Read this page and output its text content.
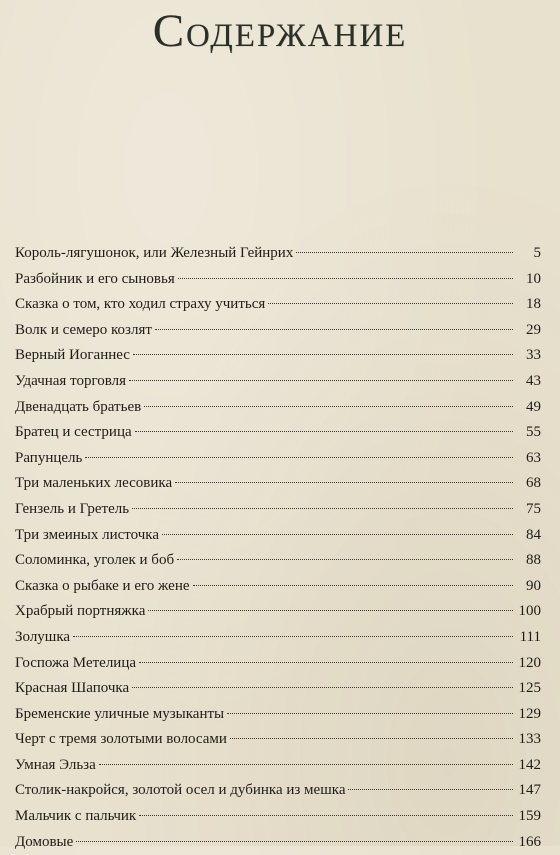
Содержание
Король-лягушонок, или Железный Гейнрих	5
Разбойник и его сыновья	10
Сказка о том, кто ходил страху учиться	18
Волк и семеро козлят	29
Верный Иоганнес	33
Удачная торговля	43
Двенадцать братьев	49
Братец и сестрица	55
Рапунцель	63
Три маленьких лесовика	68
Гензель и Гретель	75
Три змеиных листочка	84
Соломинка, уголек и боб	88
Сказка о рыбаке и его жене	90
Храбрый портняжка	100
Золушка	111
Госпожа Метелица	120
Красная Шапочка	125
Бременские уличные музыканты	129
Черт с тремя золотыми волосами	133
Умная Эльза	142
Столик-накройся, золотой осел и дубинка из мешка	147
Мальчик с пальчик	159
Домовые	166
